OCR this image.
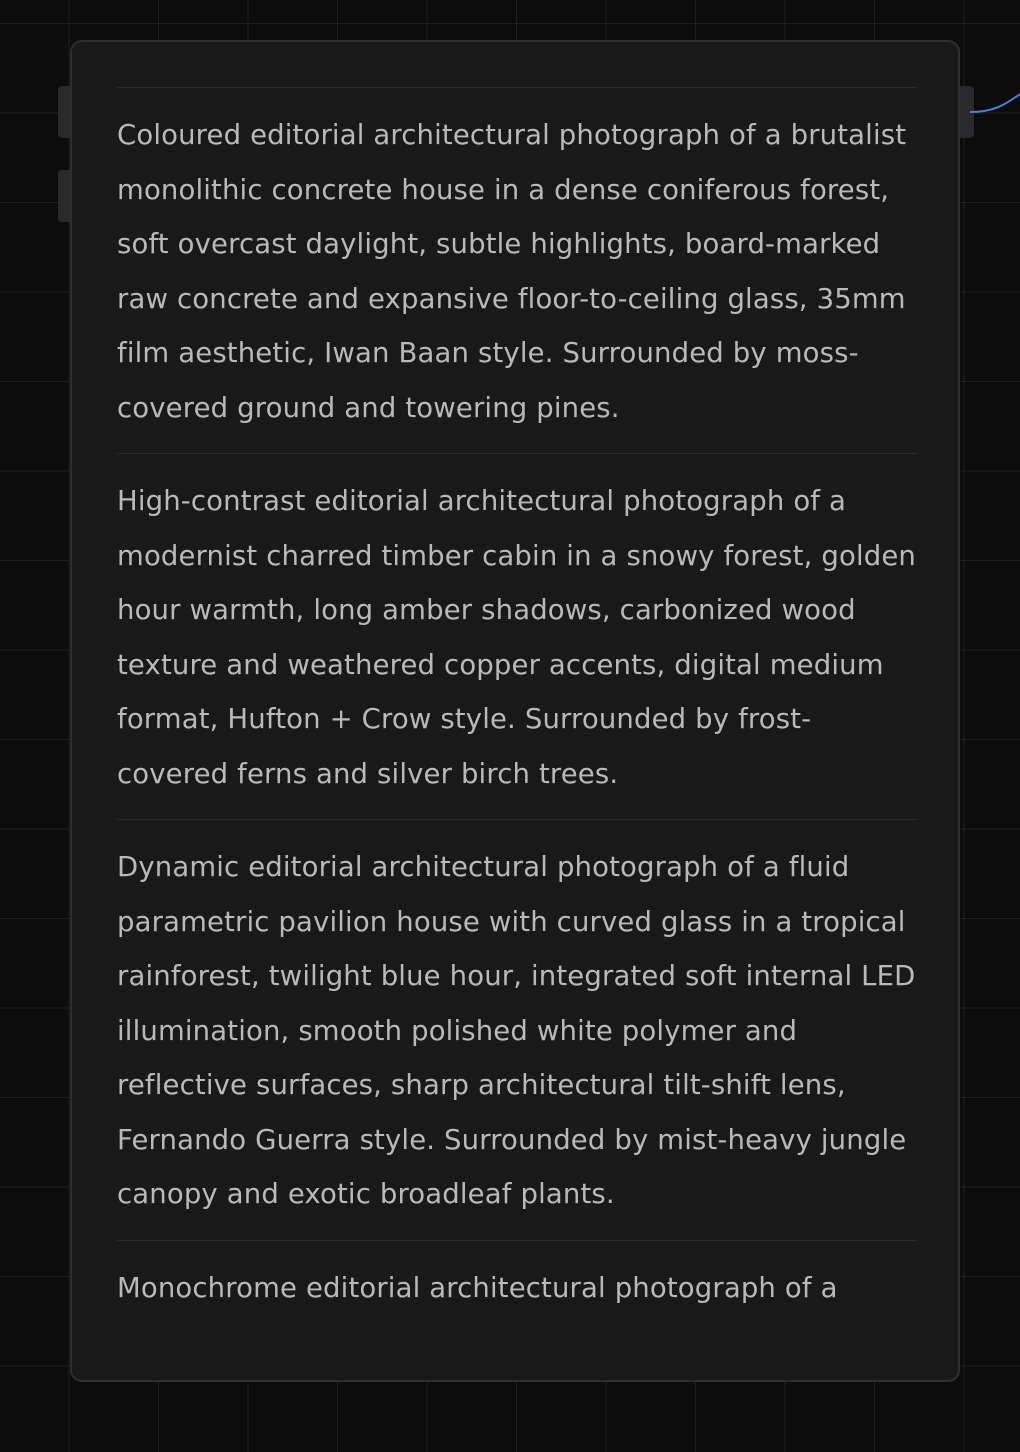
Coloured editorial architectural photograph of a brutalist monolithic concrete house in a dense coniferous forest, soft overcast daylight, subtle highlights, board-marked raw concrete and expansive floor-to-ceiling glass, 35mm film aesthetic, Iwan Baan style. Surrounded by moss-covered ground and towering pines.
High-contrast editorial architectural photograph of a modernist charred timber cabin in a snowy forest, golden hour warmth, long amber shadows, carbonized wood texture and weathered copper accents, digital medium format, Hufton + Crow style. Surrounded by frost-covered ferns and silver birch trees.
Dynamic editorial architectural photograph of a fluid parametric pavilion house with curved glass in a tropical rainforest, twilight blue hour, integrated soft internal LED illumination, smooth polished white polymer and reflective surfaces, sharp architectural tilt-shift lens, Fernando Guerra style. Surrounded by mist-heavy jungle canopy and exotic broadleaf plants.
Monochrome editorial architectural photograph of a
